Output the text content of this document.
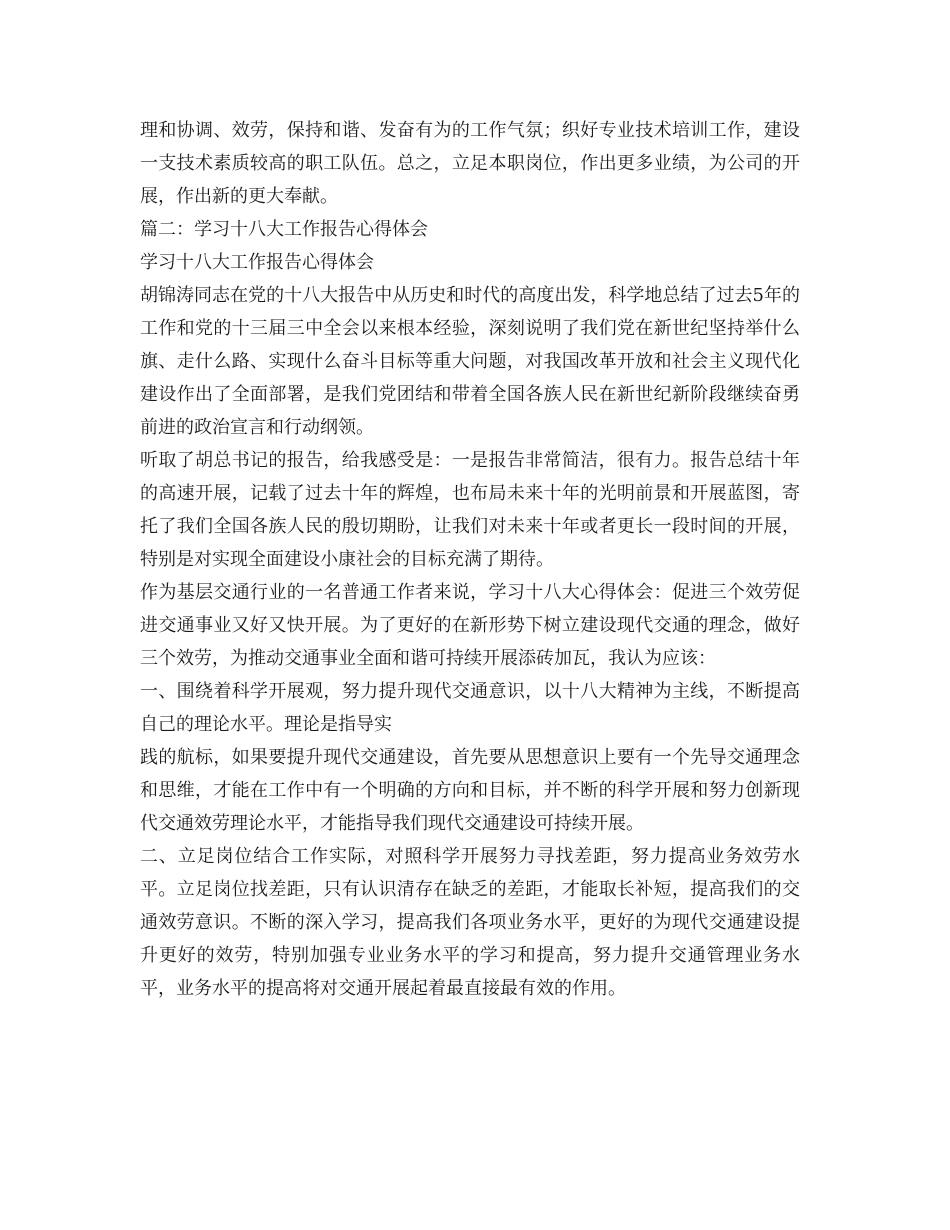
理和协调、效劳，保持和谐、发奋有为的工作气氛；织好专业技术培训工作，建设一支技术素质较高的职工队伍。总之，立足本职岗位，作出更多业绩，为公司的开展，作出新的更大奉献。

篇二：学习十八大工作报告心得体会

学习十八大工作报告心得体会

胡锦涛同志在党的十八大报告中从历史和时代的高度出发，科学地总结了过去5年的工作和党的十三届三中全会以来根本经验，深刻说明了我们党在新世纪坚持举什么旗、走什么路、实现什么奋斗目标等重大问题，对我国改革开放和社会主义现代化建设作出了全面部署，是我们党团结和带着全国各族人民在新世纪新阶段继续奋勇前进的政治宣言和行动纲领。

听取了胡总书记的报告，给我感受是：一是报告非常简洁，很有力。报告总结十年的高速开展，记载了过去十年的辉煌，也布局未来十年的光明前景和开展蓝图，寄托了我们全国各族人民的殷切期盼，让我们对未来十年或者更长一段时间的开展，特别是对实现全面建设小康社会的目标充满了期待。

作为基层交通行业的一名普通工作者来说，学习十八大心得体会：促进三个效劳促进交通事业又好又快开展。为了更好的在新形势下树立建设现代交通的理念，做好三个效劳，为推动交通事业全面和谐可持续开展添砖加瓦，我认为应该：

一、围绕着科学开展观，努力提升现代交通意识，以十八大精神为主线，不断提高自己的理论水平。理论是指导实

践的航标，如果要提升现代交通建设，首先要从思想意识上要有一个先导交通理念和思维，才能在工作中有一个明确的方向和目标，并不断的科学开展和努力创新现代交通效劳理论水平，才能指导我们现代交通建设可持续开展。

二、立足岗位结合工作实际，对照科学开展努力寻找差距，努力提高业务效劳水平。立足岗位找差距，只有认识清存在缺乏的差距，才能取长补短，提高我们的交通效劳意识。不断的深入学习，提高我们各项业务水平，更好的为现代交通建设提升更好的效劳，特别加强专业业务水平的学习和提高，努力提升交通管理业务水平，业务水平的提高将对交通开展起着最直接最有效的作用。
